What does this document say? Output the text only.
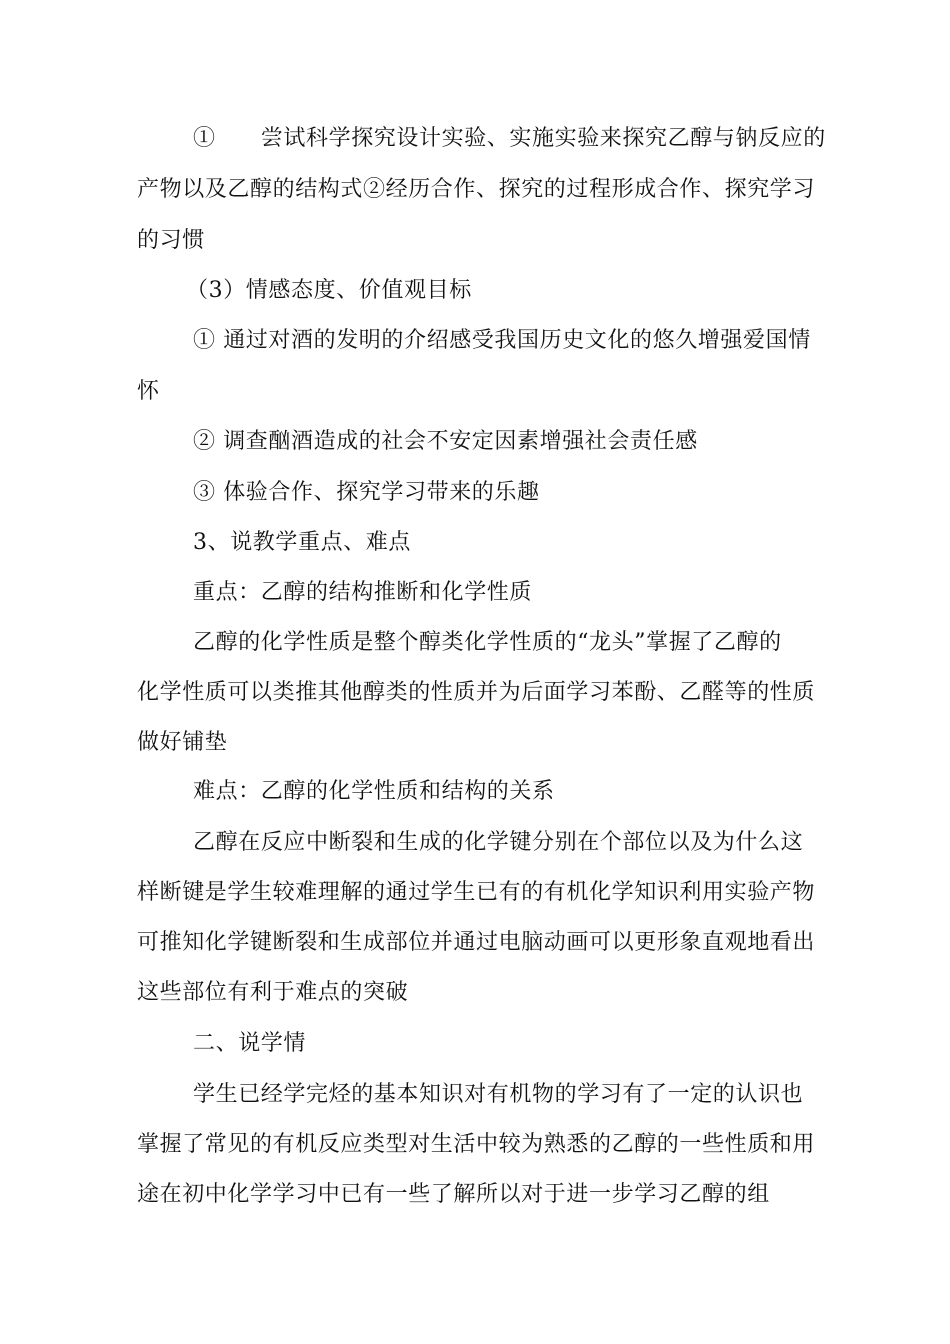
①　　尝试科学探究设计实验、实施实验来探究乙醇与钠反应的
产物以及乙醇的结构式②经历合作、探究的过程形成合作、探究学习
的习惯
（3）情感态度、价值观目标
① 通过对酒的发明的介绍感受我国历史文化的悠久增强爱国情
怀
② 调查酗酒造成的社会不安定因素增强社会责任感
③ 体验合作、探究学习带来的乐趣
3、说教学重点、难点
重点：乙醇的结构推断和化学性质
乙醇的化学性质是整个醇类化学性质的“龙头”掌握了乙醇的
化学性质可以类推其他醇类的性质并为后面学习苯酚、乙醛等的性质
做好铺垫
难点：乙醇的化学性质和结构的关系
乙醇在反应中断裂和生成的化学键分别在个部位以及为什么这
样断键是学生较难理解的通过学生已有的有机化学知识利用实验产物
可推知化学键断裂和生成部位并通过电脑动画可以更形象直观地看出
这些部位有利于难点的突破
二、说学情
学生已经学完烃的基本知识对有机物的学习有了一定的认识也
掌握了常见的有机反应类型对生活中较为熟悉的乙醇的一些性质和用
途在初中化学学习中已有一些了解所以对于进一步学习乙醇的组
